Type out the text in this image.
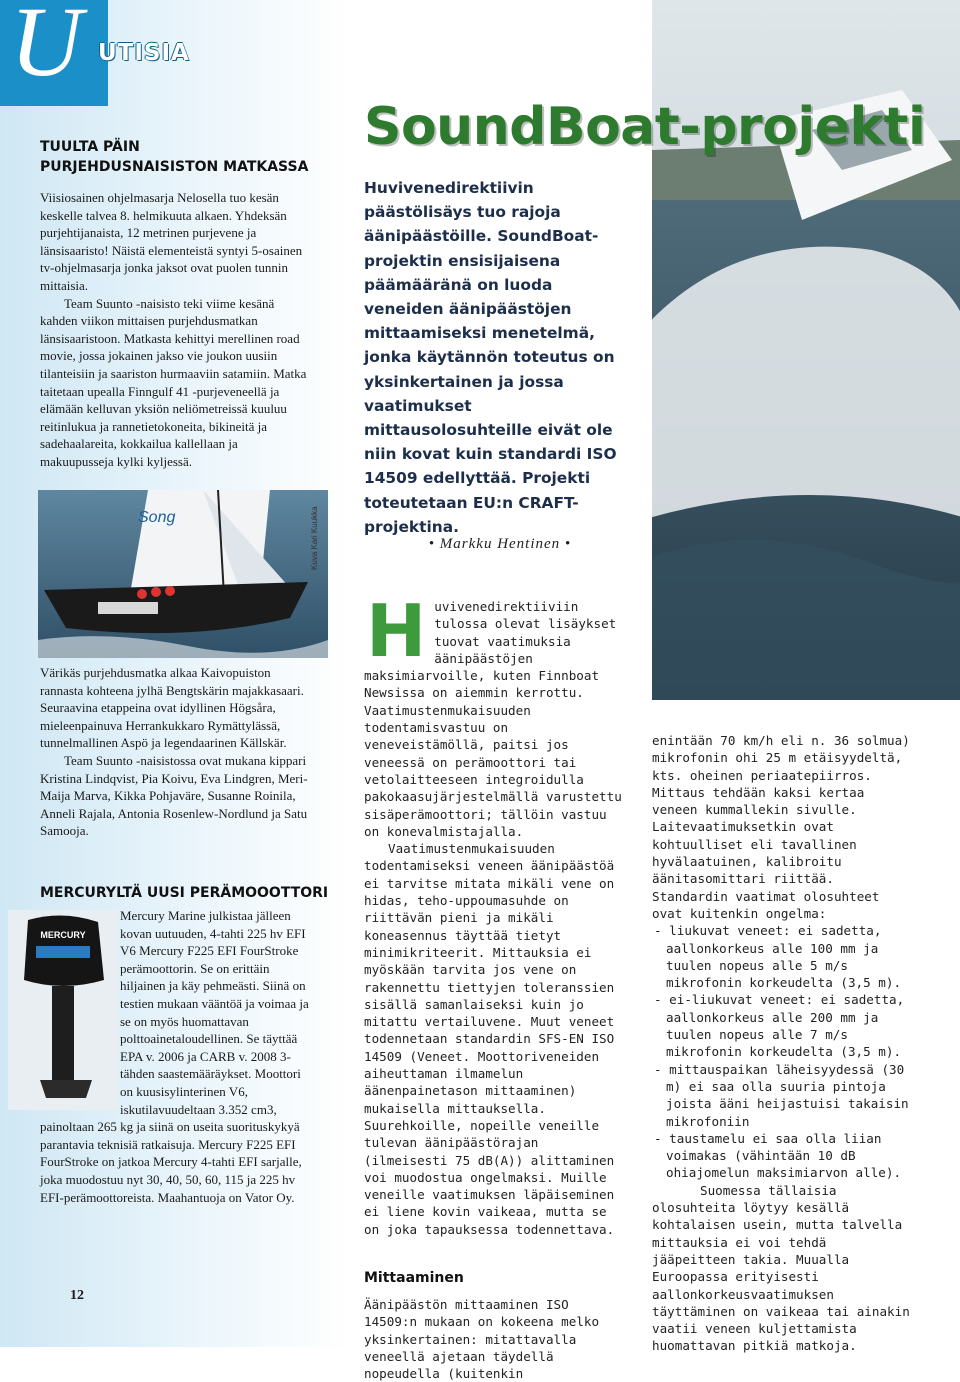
U UTISIA
TUULTA PÄIN PURJEHDUSNAISISTON MATKASSA

Viisiosainen ohjelmasarja Nelosella tuo kesän keskelle talvea 8. helmikuuta alkaen. Yhdeksän purjehtijanaista, 12 metrinen purjevene ja länsisaaristo! Näistä elementeistä syntyi 5-osainen tv-ohjelmasarja jonka jaksot ovat puolen tunnin mittaisia.

Team Suunto -naisisto teki viime kesänä kahden viikon mittaisen purjehdusmatkan länsisaaristoon. Matkasta kehittyi merellinen road movie, jossa jokainen jakso vie joukon uusiin tilanteisiin ja saariston hurmaaviin satamiin. Matka taitetaan upealla Finngulf 41 -purjeveneellä ja elämään kelluvan yksiön neliömetreissä kuuluu reitinlukua ja rannetietokoneita, bikineitä ja sadehaalareita, kokkailua kallellaan ja makuupusseja kylki kyljessä.

Song	Kuva Kari Kuukka

Värikäs purjehdusmatka alkaa Kaivopuiston rannasta kohteena jylhä Bengtskärin majakkasaari. Seuraavina etappeina ovat idyllinen Högsåra, mieleenpainuva Herrankukkaro Rymättylässä, tunnelmallinen Aspö ja legendaarinen Källskär.

Team Suunto -naisistossa ovat mukana kippari Kristina Lindqvist, Pia Koivu, Eva Lindgren, Meri-Maija Marva, Kikka Pohjaväre, Susanne Roinila, Anneli Rajala, Antonia Rosenlew-Nordlund ja Satu Samooja.

MERCURYLTÄ UUSI PERÄMOOOTTORI
MERCURY

Mercury Marine julkistaa jälleen kovan uutuuden, 4-tahti 225 hv EFI V6 Mercury F225 EFI FourStroke perämoottorin. Se on erittäin hiljainen ja käy pehmeästi. Siinä on testien mukaan vääntöä ja voimaa ja se on myös huomattavan polttoainetaloudellinen. Se täyttää EPA v. 2006 ja CARB v. 2008 3-tähden saastemääräykset. Moottori on kuusisylinterinen V6, iskutilavuudeltaan 3.352 cm3, painoltaan 265 kg ja siinä on useita suorituskykyä parantavia teknisiä ratkaisuja. Mercury F225 EFI FourStroke on jatkoa Mercury 4-tahti EFI sarjalle, joka muodostuu nyt 30, 40, 50, 60, 115 ja 225 hv EFI-perämoottoreista. Maahantuoja on Vator Oy.

SoundBoat-projekti

Huvivenedirektiivin päästölisäys tuo rajoja äänipäästöille. SoundBoat-projektin ensisijaisena päämääränä on luoda veneiden äänipäästöjen mittaamiseksi menetelmä, jonka käytännön toteutus on yksinkertainen ja jossa vaatimukset mittausolosuhteille eivät ole niin kovat kuin standardi ISO 14509 edellyttää. Projekti toteutetaan EU:n CRAFT-projektina.

• Markku Hentinen •
H uvivenedirektiiviin tulossa olevat lisäykset tuovat vaatimuksia äänipäästöjen maksimiarvoille, kuten Finnboat Newsissa on aiemmin kerrottu. Vaatimustenmukaisuuden todentamisvastuu on veneveistämöllä, paitsi jos veneessä on perämoottori tai vetolaitteeseen integroidulla pakokaasujärjestelmällä varustettu sisäperämoottori; tällöin vastuu on konevalmistajalla.

Vaatimustenmukaisuuden todentamiseksi veneen äänipäästöä ei tarvitse mitata mikäli vene on hidas, teho-uppoumasuhde on riittävän pieni ja mikäli koneasennus täyttää tietyt minimikriteerit. Mittauksia ei myöskään tarvita jos vene on rakennettu tiettyjen toleranssien sisällä samanlaiseksi kuin jo mitattu vertailuvene. Muut veneet todennetaan standardin SFS-EN ISO 14509 (Veneet. Moottoriveneiden aiheuttaman ilmamelun äänenpainetason mittaaminen) mukaisella mittauksella. Suurehkoille, nopeille veneille tulevan äänipäästörajan (ilmeisesti 75 dB(A)) alittaminen voi muodostua ongelmaksi. Muille veneille vaatimuksen läpäiseminen ei liene kovin vaikeaa, mutta se on joka tapauksessa todennettava.

Mittaaminen

Äänipäästön mittaaminen ISO 14509:n mukaan on kokeena melko yksinkertainen: mitattavalla veneellä ajetaan täydellä nopeudella (kuitenkin

enintään 70 km/h eli n. 36 solmua) mikrofonin ohi 25 m etäisyydeltä, kts. oheinen periaatepiirros. Mittaus tehdään kaksi kertaa veneen kummallekin sivulle. Laitevaatimuksetkin ovat kohtuulliset eli tavallinen hyvälaatuinen, kalibroitu äänitasomittari riittää. Standardin vaatimat olosuhteet ovat kuitenkin ongelma:

- liukuvat veneet: ei sadetta, aallonkorkeus alle 100 mm ja tuulen nopeus alle 5 m/s mikrofonin korkeudelta (3,5 m).
- ei-liukuvat veneet: ei sadetta, aallonkorkeus alle 200 mm ja tuulen nopeus alle 7 m/s mikrofonin korkeudelta (3,5 m).
- mittauspaikan läheisyydessä (30 m) ei saa olla suuria pintoja joista ääni heijastuisi takaisin mikrofoniin
- taustamelu ei saa olla liian voimakas (vähintään 10 dB ohiajomelun maksimiarvon alle).

Suomessa tällaisia olosuhteita löytyy kesällä kohtalaisen usein, mutta talvella mittauksia ei voi tehdä jääpeitteen takia. Muualla Euroopassa erityisesti aallonkorkeusvaatimuksen täyttäminen on vaikeaa tai ainakin vaatii veneen kuljettamista huomattavan pitkiä matkoja.

12
